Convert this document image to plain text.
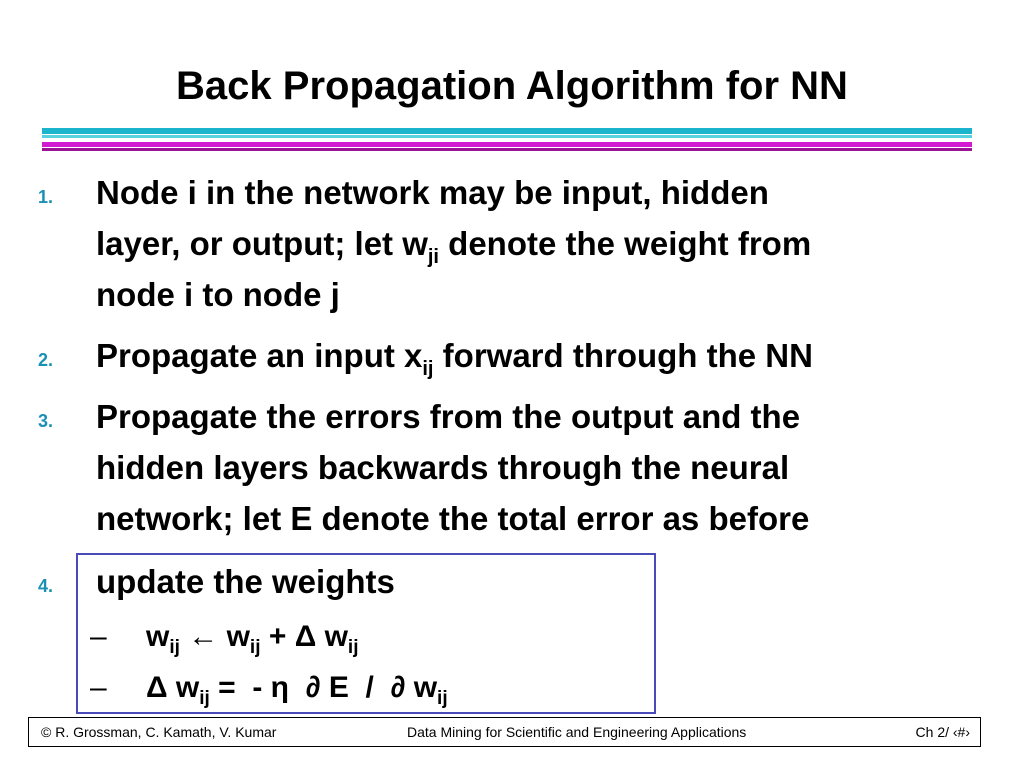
Back Propagation Algorithm for NN
1. Node i in the network may be input, hidden
layer, or output; let $w_{ji}$ denote the weight from
node i to node j
2. Propagate an input $x_{ij}$ forward through the NN
3. Propagate the errors from the output and the
hidden layers backwards through the neural
network; let E denote the total error as before
4. update the weights
– $w_{ij}$ ← $w_{ij} + \Delta$ $w_{ij}$
– Δ $w_{ij}$ =  - η  ∂ E  /  ∂ $w_{ij}$
© R. Grossman, C. Kamath, V. Kumar	Data Mining for Scientific and Engineering Applications	Ch 2/ ‹#›
